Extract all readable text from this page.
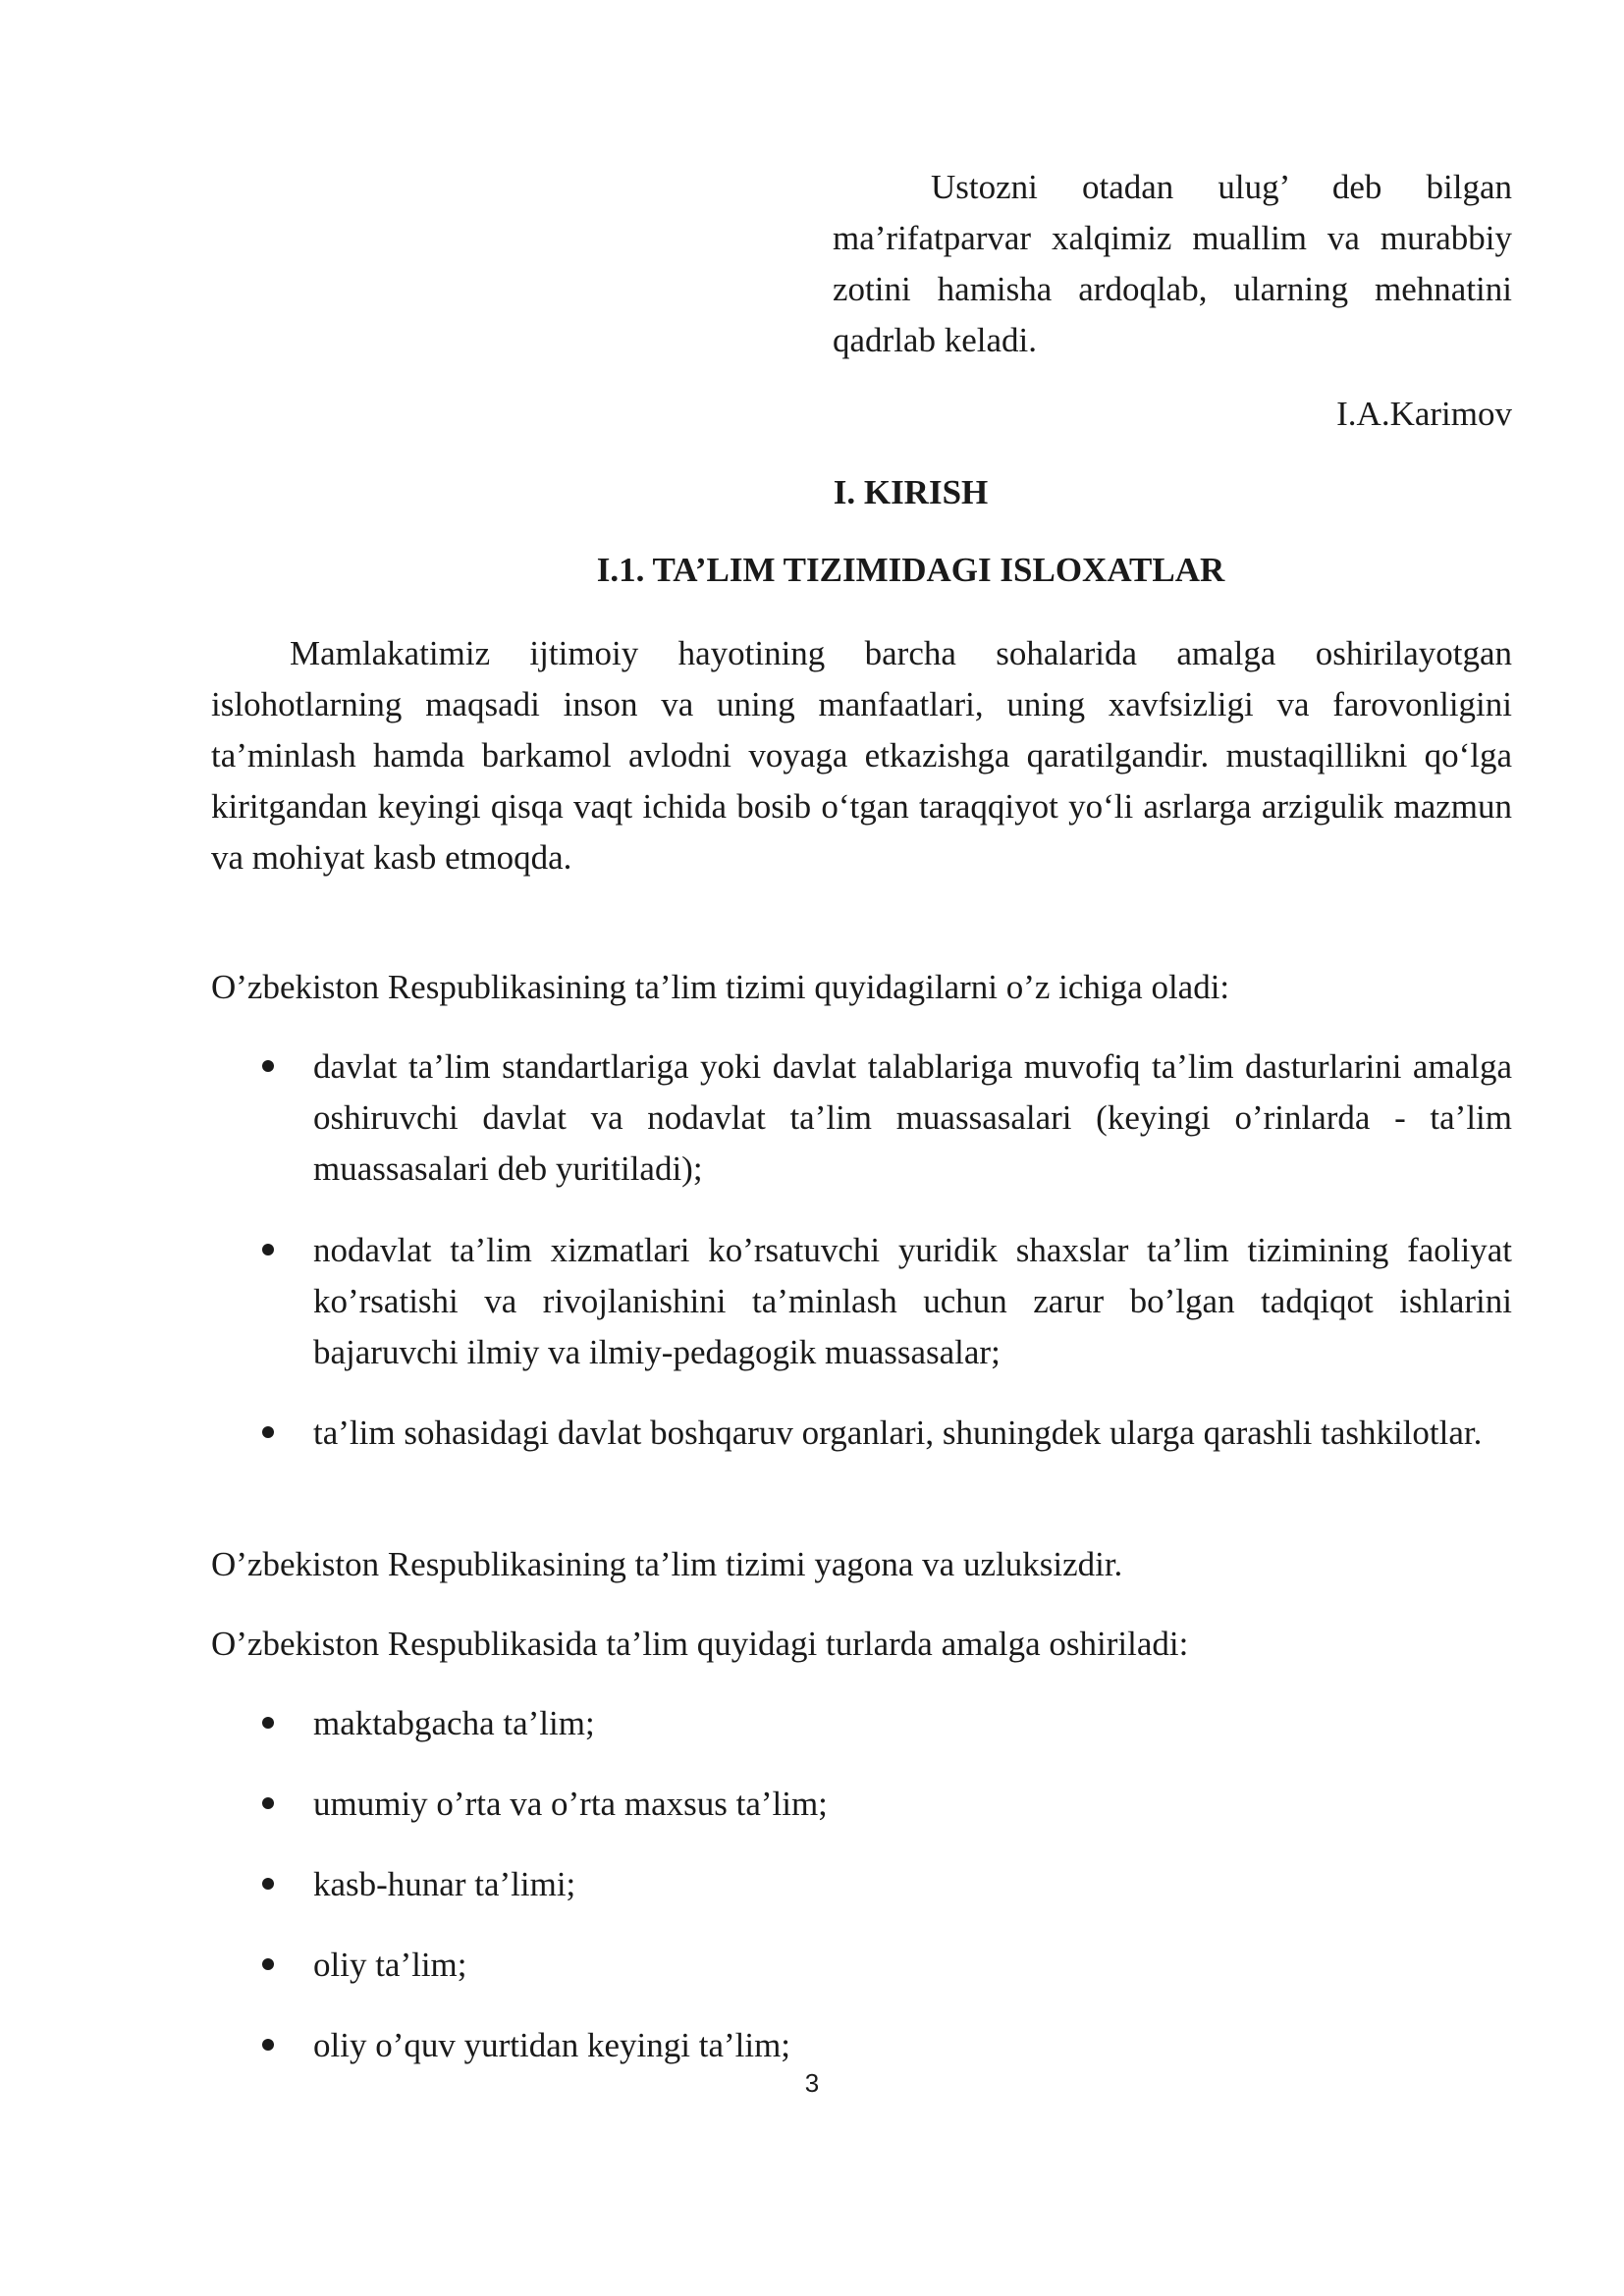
Ustozni otadan ulug’ deb bilgan ma’rifatparvar xalqimiz muallim va murabbiy zotini hamisha ardoqlab, ularning mehnatini qadrlab keladi.

I.A.Karimov
I. KIRISH
I.1. TA’LIM TIZIMIDAGI ISLOXATLAR

Mamlakatimiz ijtimoiy hayotining barcha sohalarida amalga oshirilayotgan islohotlarning maqsadi inson va uning manfaatlari, uning xavfsizligi va farovonligini ta’minlash hamda barkamol avlodni voyaga etkazishga qaratilgandir. mustaqillikni qo‘lga kiritgandan keyingi qisqa vaqt ichida bosib o‘tgan taraqqiyot yo‘li asrlarga arzigulik mazmun va mohiyat kasb etmoqda.

O’zbekiston Respublikasining ta’lim tizimi quyidagilarni o’z ichiga oladi:

davlat ta’lim standartlariga yoki davlat talablariga muvofiq ta’lim dasturlarini amalga oshiruvchi davlat va nodavlat ta’lim muassasalari (keyingi o’rinlarda - ta’lim muassasalari deb yuritiladi);
nodavlat ta’lim xizmatlari ko’rsatuvchi yuridik shaxslar ta’lim tizimining faoliyat ko’rsatishi va rivojlanishini ta’minlash uchun zarur bo’lgan tadqiqot ishlarini bajaruvchi ilmiy va ilmiy-pedagogik muassasalar;
ta’lim sohasidagi davlat boshqaruv organlari, shuningdek ularga qarashli tashkilotlar.

O’zbekiston Respublikasining ta’lim tizimi yagona va uzluksizdir.

O’zbekiston Respublikasida ta’lim quyidagi turlarda amalga oshiriladi:

maktabgacha ta’lim;
umumiy o’rta va o’rta maxsus ta’lim;
kasb-hunar ta’limi;
oliy ta’lim;
oliy o’quv yurtidan keyingi ta’lim;
3
